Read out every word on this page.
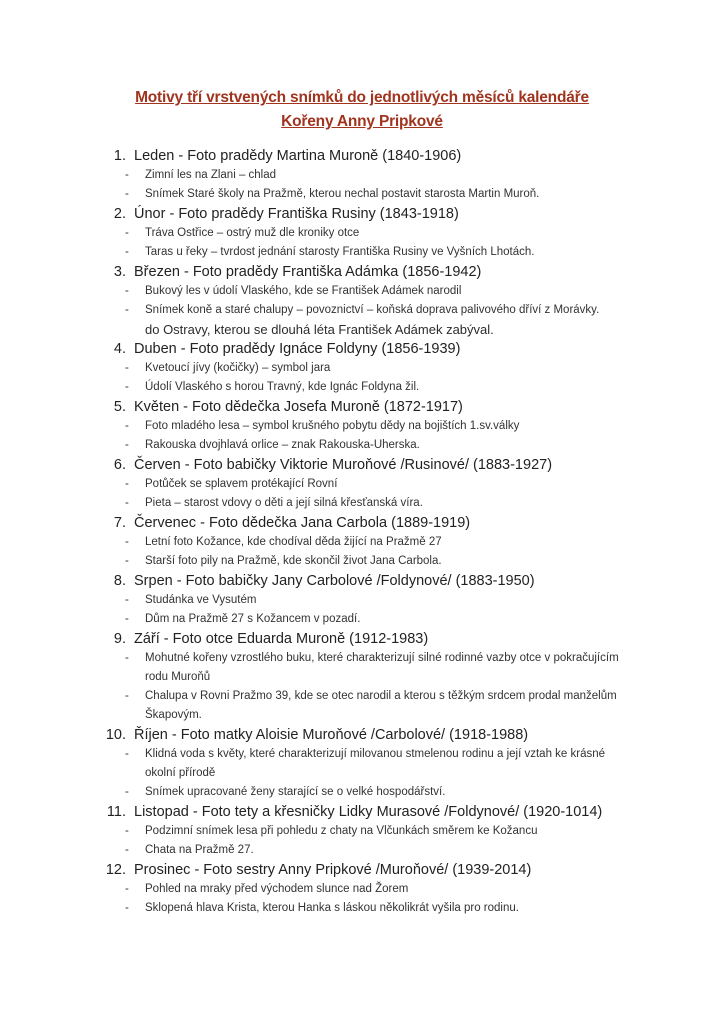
Motivy tří vrstvených snímků do jednotlivých měsíců kalendáře
Kořeny Anny Pripkové
1. Leden - Foto pradědy Martina Muroně (1840-1906)
-	Zimní les na Zlani – chlad
-	Snímek Staré školy na Pražmě, kterou nechal postavit starosta Martin Muroň.
2. Únor - Foto pradědy Františka Rusiny (1843-1918)
-	Tráva Ostřice – ostrý muž dle kroniky otce
-	Taras u řeky – tvrdost jednání starosty Františka Rusiny ve Vyšních Lhotách.
3. Březen - Foto pradědy Františka Adámka (1856-1942)
-	Bukový les v údolí Vlaského, kde se František Adámek narodil
-	Snímek koně a staré chalupy – povoznictví – koňská doprava palivového dříví z Morávky.
do Ostravy, kterou se dlouhá léta František Adámek zabýval.
4. Duben - Foto pradědy Ignáce Foldyny (1856-1939)
-	Kvetoucí jívy (kočičky) – symbol jara
-	Údolí Vlaského s horou Travný, kde Ignác Foldyna žil.
5. Květen - Foto dědečka Josefa Muroně (1872-1917)
-	Foto mladého lesa – symbol krušného pobytu dědy na bojištích 1.sv.války
-	Rakouska dvojhlavá orlice – znak Rakouska-Uherska.
6. Červen - Foto babičky Viktorie Muroňové /Rusinové/ (1883-1927)
-	Potůček se splavem protékající Rovní
-	Pieta – starost vdovy o děti a její silná křesťanská víra.
7. Červenec - Foto dědečka Jana Carbola (1889-1919)
-	Letní foto Kožance, kde chodíval děda žijící na Pražmě 27
-	Starší foto pily na Pražmě, kde skončil život Jana Carbola.
8. Srpen - Foto babičky Jany Carbolové /Foldynové/ (1883-1950)
-	Studánka ve Vysutém
-	Dům na Pražmě 27 s Kožancem v pozadí.
9. Září - Foto otce Eduarda Muroně (1912-1983)
-	Mohutné kořeny vzrostlého buku, které charakterizují silné rodinné vazby otce v pokračujícím rodu Muroňů
-	Chalupa v Rovni Pražmo 39, kde se otec narodil a kterou s těžkým srdcem prodal manželům Škapovým.
10. Říjen - Foto matky Aloisie Muroňové /Carbolové/ (1918-1988)
-	Klidná voda s květy, které charakterizují milovanou stmelenou rodinu a její vztah ke krásné okolní přírodě
-	Snímek upracované ženy starající se o velké hospodářství.
11. Listopad - Foto tety a křesničky Lidky Murasové /Foldynové/ (1920-1014)
-	Podzimní snímek lesa při pohledu z chaty na Vlčunkách směrem ke Kožancu
-	Chata na Pražmě 27.
12. Prosinec - Foto sestry Anny Pripkové /Muroňové/ (1939-2014)
-	Pohled na mraky před východem slunce nad Žorem
-	Sklopená hlava Krista, kterou Hanka s láskou několikrát vyšila pro rodinu.
